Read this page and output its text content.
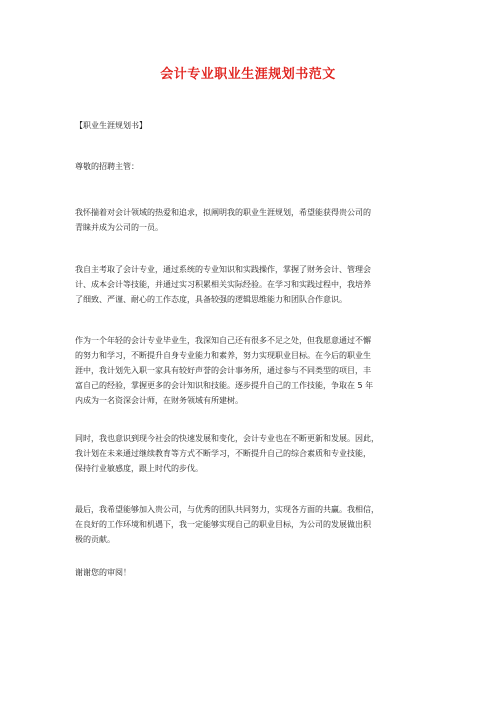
会计专业职业生涯规划书范文
【职业生涯规划书】
尊敬的招聘主管：
我怀揣着对会计领域的热爱和追求，拟阐明我的职业生涯规划，希望能获得贵公司的
青睐并成为公司的一员。
我自主考取了会计专业，通过系统的专业知识和实践操作，掌握了财务会计、管理会
计、成本会计等技能，并通过实习积累相关实际经验。在学习和实践过程中，我培养
了细致、严谨、耐心的工作态度，具备较强的逻辑思维能力和团队合作意识。
作为一个年轻的会计专业毕业生，我深知自己还有很多不足之处，但我愿意通过不懈
的努力和学习，不断提升自身专业能力和素养，努力实现职业目标。在今后的职业生
涯中，我计划先入职一家具有较好声誉的会计事务所，通过参与不同类型的项目，丰
富自己的经验，掌握更多的会计知识和技能。逐步提升自己的工作技能，争取在 5 年
内成为一名资深会计师，在财务领域有所建树。
同时，我也意识到现今社会的快速发展和变化，会计专业也在不断更新和发展。因此，
我计划在未来通过继续教育等方式不断学习，不断提升自己的综合素质和专业技能，
保持行业敏感度，跟上时代的步伐。
最后，我希望能够加入贵公司，与优秀的团队共同努力，实现各方面的共赢。我相信，
在良好的工作环境和机遇下，我一定能够实现自己的职业目标，为公司的发展做出积
极的贡献。
谢谢您的审阅！
